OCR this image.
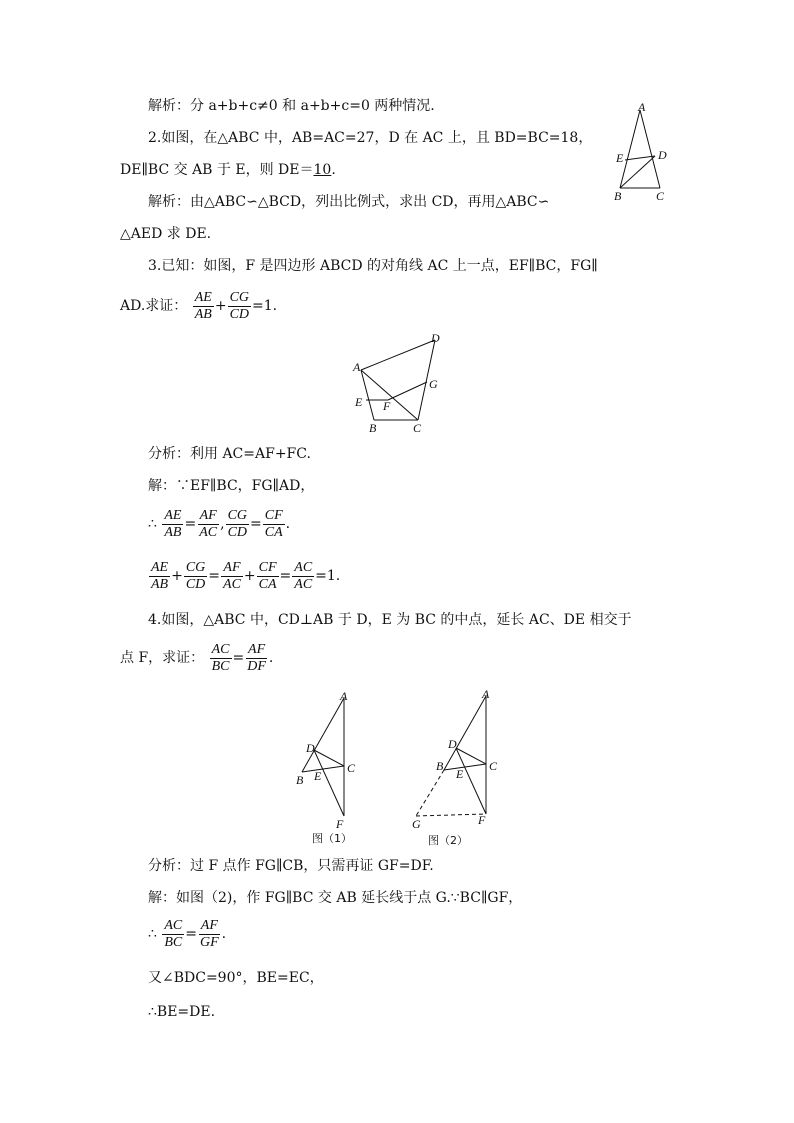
解析：分 a+b+c≠0 和 a+b+c=0 两种情况.
2.如图，在△ABC 中，AB=AC=27，D 在 AC 上，且 BD=BC=18，
DE∥BC 交 AB 于 E，则 DE＝10.
解析：由△ABC∽△BCD，列出比例式，求出 CD，再用△ABC∽
△AED 求 DE.
3.已知：如图，F 是四边形 ABCD 的对角线 AC 上一点，EF∥BC，FG∥
AD.求证： $\frac{AE}{AB} + \frac{CG}{CD} =1$.
A
B	C
D
E
A
B	C
D
E F
G
分析：利用 AC=AF+FC.
解：∵EF∥BC，FG∥AD，
∴ $\frac{AE}{AB} = \frac{AF}{AC}$ , $\frac{CG}{CD} = \frac{CF}{CA}$ .
$\frac{AE}{AB} + \frac{CG}{CD} = \frac{AF}{AC} + \frac{CF}{CA} = \frac{AC}{AC} =1$.
4.如图，△ABC 中，CD⊥AB 于 D，E 为 BC 的中点，延长 AC、DE 相交于
点 F，求证： $\frac{AC}{BC} = \frac{AF}{DF}$ .
A
B
C
D
E
F
图（1）
A
B	C
D
E
F
G
图（2）
分析：过 F 点作 FG∥CB，只需再证 GF=DF.
解：如图（2)，作 FG∥BC 交 AB 延长线于点 G.∵BC∥GF，
∴ $\frac{AC}{BC} = \frac{AF}{GF}$ .
又∠BDC=90°，BE=EC，
∴BE=DE.
